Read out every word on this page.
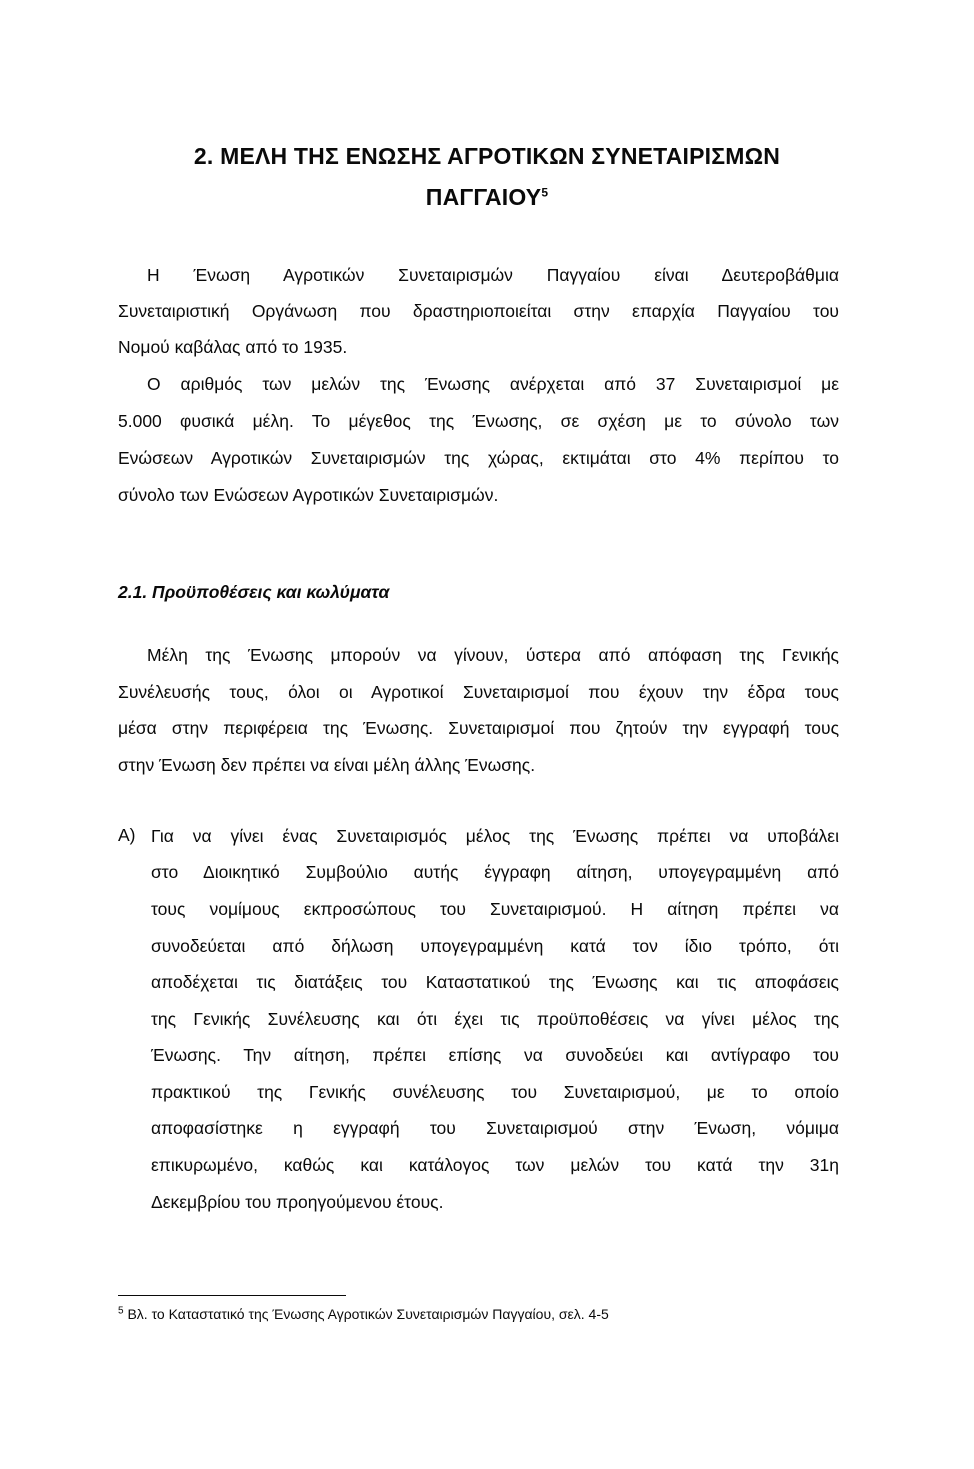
2. ΜΕΛΗ ΤΗΣ ΕΝΩΣΗΣ ΑΓΡΟΤΙΚΩΝ ΣΥΝΕΤΑΙΡΙΣΜΩΝ
ΠΑΓΓΑΙΟΥ$^5$
Η Ένωση Αγροτικών Συνεταιρισμών Παγγαίου είναι Δευτεροβάθμια
Συνεταιριστική Οργάνωση που δραστηριοποιείται στην επαρχία Παγγαίου του
Νομού καβάλας από το 1935.
Ο αριθμός των μελών της Ένωσης ανέρχεται από 37 Συνεταιρισμοί με
5.000 φυσικά μέλη. Το μέγεθος της Ένωσης, σε σχέση με το σύνολο των
Ενώσεων Αγροτικών Συνεταιρισμών της χώρας, εκτιμάται στο 4% περίπου το
σύνολο των Ενώσεων Αγροτικών Συνεταιρισμών.
2.1. Προϋποθέσεις και κωλύματα
Μέλη της Ένωσης μπορούν να γίνουν, ύστερα από απόφαση της Γενικής
Συνέλευσής τους, όλοι οι Αγροτικοί Συνεταιρισμοί που έχουν την έδρα τους
μέσα στην περιφέρεια της Ένωσης. Συνεταιρισμοί που ζητούν την εγγραφή τους
στην Ένωση δεν πρέπει να είναι μέλη άλλης Ένωσης.
A) Για να γίνει ένας Συνεταιρισμός μέλος της Ένωσης πρέπει να υποβάλει
στο Διοικητικό Συμβούλιο αυτής έγγραφη αίτηση, υπογεγραμμένη από
τους νομίμους εκπροσώπους του Συνεταιρισμού. Η αίτηση πρέπει να
συνοδεύεται από δήλωση υπογεγραμμένη κατά τον ίδιο τρόπο, ότι
αποδέχεται τις διατάξεις του Καταστατικού της Ένωσης και τις αποφάσεις
της Γενικής Συνέλευσης και ότι έχει τις προϋποθέσεις να γίνει μέλος της
Ένωσης. Την αίτηση, πρέπει επίσης να συνοδεύει και αντίγραφο του
πρακτικού της Γενικής συνέλευσης του Συνεταιρισμού, με το οποίο
αποφασίστηκε η εγγραφή του Συνεταιρισμού στην Ένωση, νόμιμα
επικυρωμένο, καθώς και κατάλογος των μελών του κατά την 31η
Δεκεμβρίου του προηγούμενου έτους.
$^5$ Βλ. το Καταστατικό της Ένωσης Αγροτικών Συνεταιρισμών Παγγαίου, σελ. 4-5
